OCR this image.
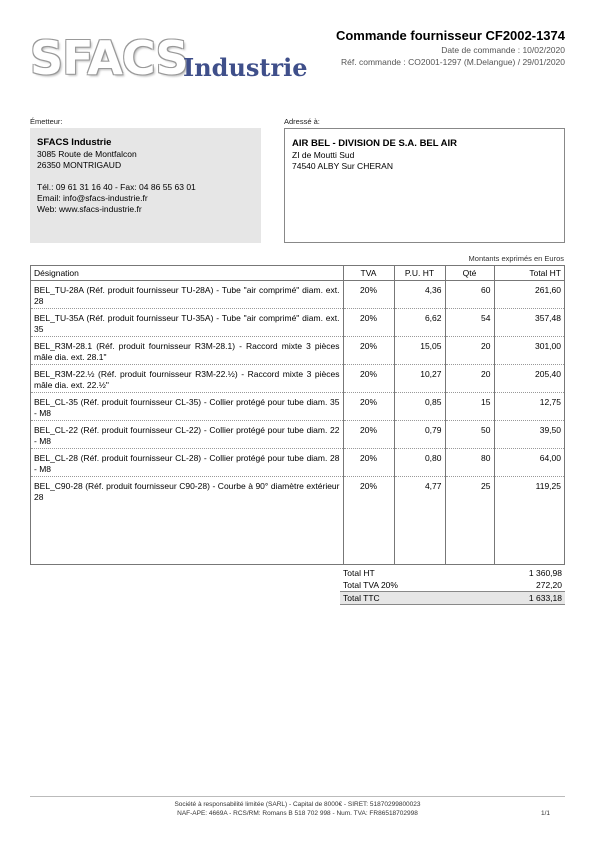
SFACS
Industrie
Commande fournisseur CF2002-1374
Date de commande : 10/02/2020
Réf. commande : CO2001-1297 (M.Delangue) / 29/01/2020
Émetteur:	Adressé à:
SFACS Industrie
3085 Route de Montfalcon
26350 MONTRIGAUD
Tél.: 09 61 31 16 40 - Fax: 04 86 55 63 01
Email: info@sfacs-industrie.fr
Web: www.sfacs-industrie.fr
AIR BEL - DIVISION DE S.A. BEL AIR
ZI de Moutti Sud
74540 ALBY Sur CHERAN
Montants exprimés en Euros
Désignation	TVA	P.U. HT	Qté	Total HT
BEL_TU-28A (Réf. produit fournisseur TU-28A) - Tube "air comprimé" diam. ext. 28	20%	4,36	60	261,60
BEL_TU-35A (Réf. produit fournisseur TU-35A) - Tube "air comprimé" diam. ext. 35	20%	6,62	54	357,48
BEL_R3M-28.1 (Réf. produit fournisseur R3M-28.1) - Raccord mixte 3 pièces mâle dia. ext. 28.1"	20%	15,05	20	301,00
BEL_R3M-22.½ (Réf. produit fournisseur R3M-22.½) - Raccord mixte 3 pièces mâle dia. ext. 22.½"	20%	10,27	20	205,40
BEL_CL-35 (Réf. produit fournisseur CL-35) - Collier protégé pour tube diam. 35 - M8	20%	0,85	15	12,75
BEL_CL-22 (Réf. produit fournisseur CL-22) - Collier protégé pour tube diam. 22 - M8	20%	0,79	50	39,50
BEL_CL-28 (Réf. produit fournisseur CL-28) - Collier protégé pour tube diam. 28 - M8	20%	0,80	80	64,00
BEL_C90-28 (Réf. produit fournisseur C90-28) - Courbe à 90° diamètre extérieur 28	20%	4,77	25	119,25
Total HT	1 360,98
Total TVA 20%	272,20
Total TTC	1 633,18
Société à responsabilité limitée (SARL) - Capital de 8000€ - SIRET: 51870299800023
NAF-APE: 4669A - RCS/RM: Romans B 518 702 998 - Num. TVA: FR86518702998	1/1
